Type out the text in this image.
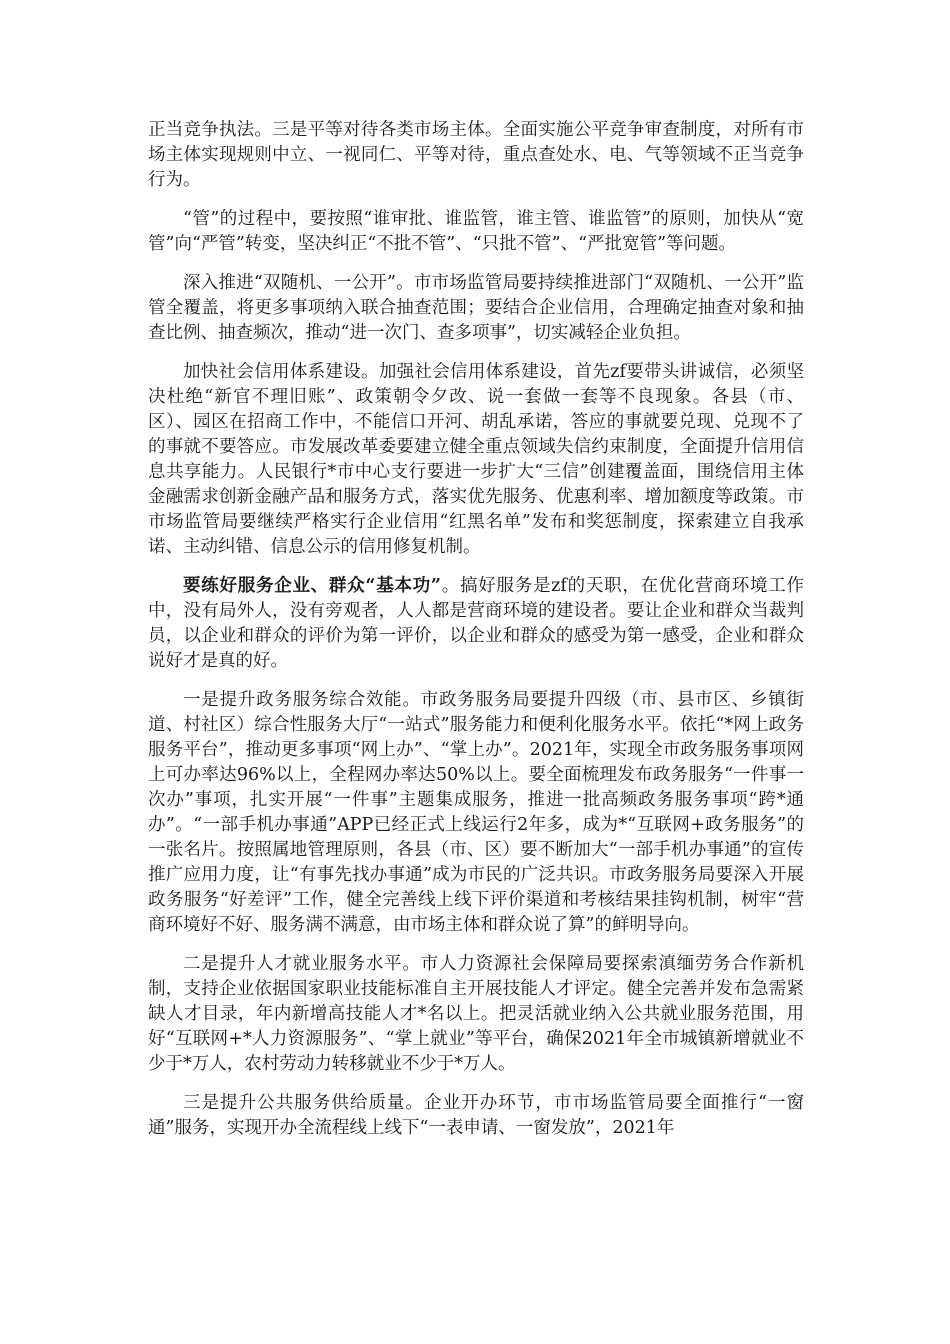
正当竞争执法。三是平等对待各类市场主体。全面实施公平竞争审查制度，对所有市场主体实现规则中立、一视同仁、平等对待，重点查处水、电、气等领域不正当竞争行为。

“管”的过程中，要按照“谁审批、谁监管，谁主管、谁监管”的原则，加快从“宽管”向“严管”转变，坚决纠正“不批不管”、“只批不管”、“严批宽管”等问题。

深入推进“双随机、一公开”。市市场监管局要持续推进部门“双随机、一公开”监管全覆盖，将更多事项纳入联合抽查范围；要结合企业信用，合理确定抽查对象和抽查比例、抽查频次，推动“进一次门、查多项事”，切实减轻企业负担。

加快社会信用体系建设。加强社会信用体系建设，首先zf要带头讲诚信，必须坚决杜绝“新官不理旧账”、政策朝令夕改、说一套做一套等不良现象。各县（市、区）、园区在招商工作中，不能信口开河、胡乱承诺，答应的事就要兑现、兑现不了的事就不要答应。市发展改革委要建立健全重点领域失信约束制度，全面提升信用信息共享能力。人民银行*市中心支行要进一步扩大“三信”创建覆盖面，围绕信用主体金融需求创新金融产品和服务方式，落实优先服务、优惠利率、增加额度等政策。市市场监管局要继续严格实行企业信用“红黑名单”发布和奖惩制度，探索建立自我承诺、主动纠错、信息公示的信用修复机制。

要练好服务企业、群众“基本功”。搞好服务是zf的天职，在优化营商环境工作中，没有局外人，没有旁观者，人人都是营商环境的建设者。要让企业和群众当裁判员，以企业和群众的评价为第一评价，以企业和群众的感受为第一感受，企业和群众说好才是真的好。

一是提升政务服务综合效能。市政务服务局要提升四级（市、县市区、乡镇街道、村社区）综合性服务大厅“一站式”服务能力和便利化服务水平。依托“*网上政务服务平台”，推动更多事项“网上办”、“掌上办”。2021年，实现全市政务服务事项网上可办率达96%以上，全程网办率达50%以上。要全面梳理发布政务服务“一件事一次办”事项，扎实开展“一件事”主题集成服务，推进一批高频政务服务事项“跨*通办”。“一部手机办事通”APP已经正式上线运行2年多，成为*“互联网+政务服务”的一张名片。按照属地管理原则，各县（市、区）要不断加大“一部手机办事通”的宣传推广应用力度，让“有事先找办事通”成为市民的广泛共识。市政务服务局要深入开展政务服务“好差评”工作，健全完善线上线下评价渠道和考核结果挂钩机制，树牢“营商环境好不好、服务满不满意，由市场主体和群众说了算”的鲜明导向。

二是提升人才就业服务水平。市人力资源社会保障局要探索滇缅劳务合作新机制，支持企业依据国家职业技能标准自主开展技能人才评定。健全完善并发布急需紧缺人才目录，年内新增高技能人才*名以上。把灵活就业纳入公共就业服务范围，用好“互联网+*人力资源服务”、“掌上就业”等平台，确保2021年全市城镇新增就业不少于*万人，农村劳动力转移就业不少于*万人。

三是提升公共服务供给质量。企业开办环节，市市场监管局要全面推行“一窗通”服务，实现开办全流程线上线下“一表申请、一窗发放”，2021年
